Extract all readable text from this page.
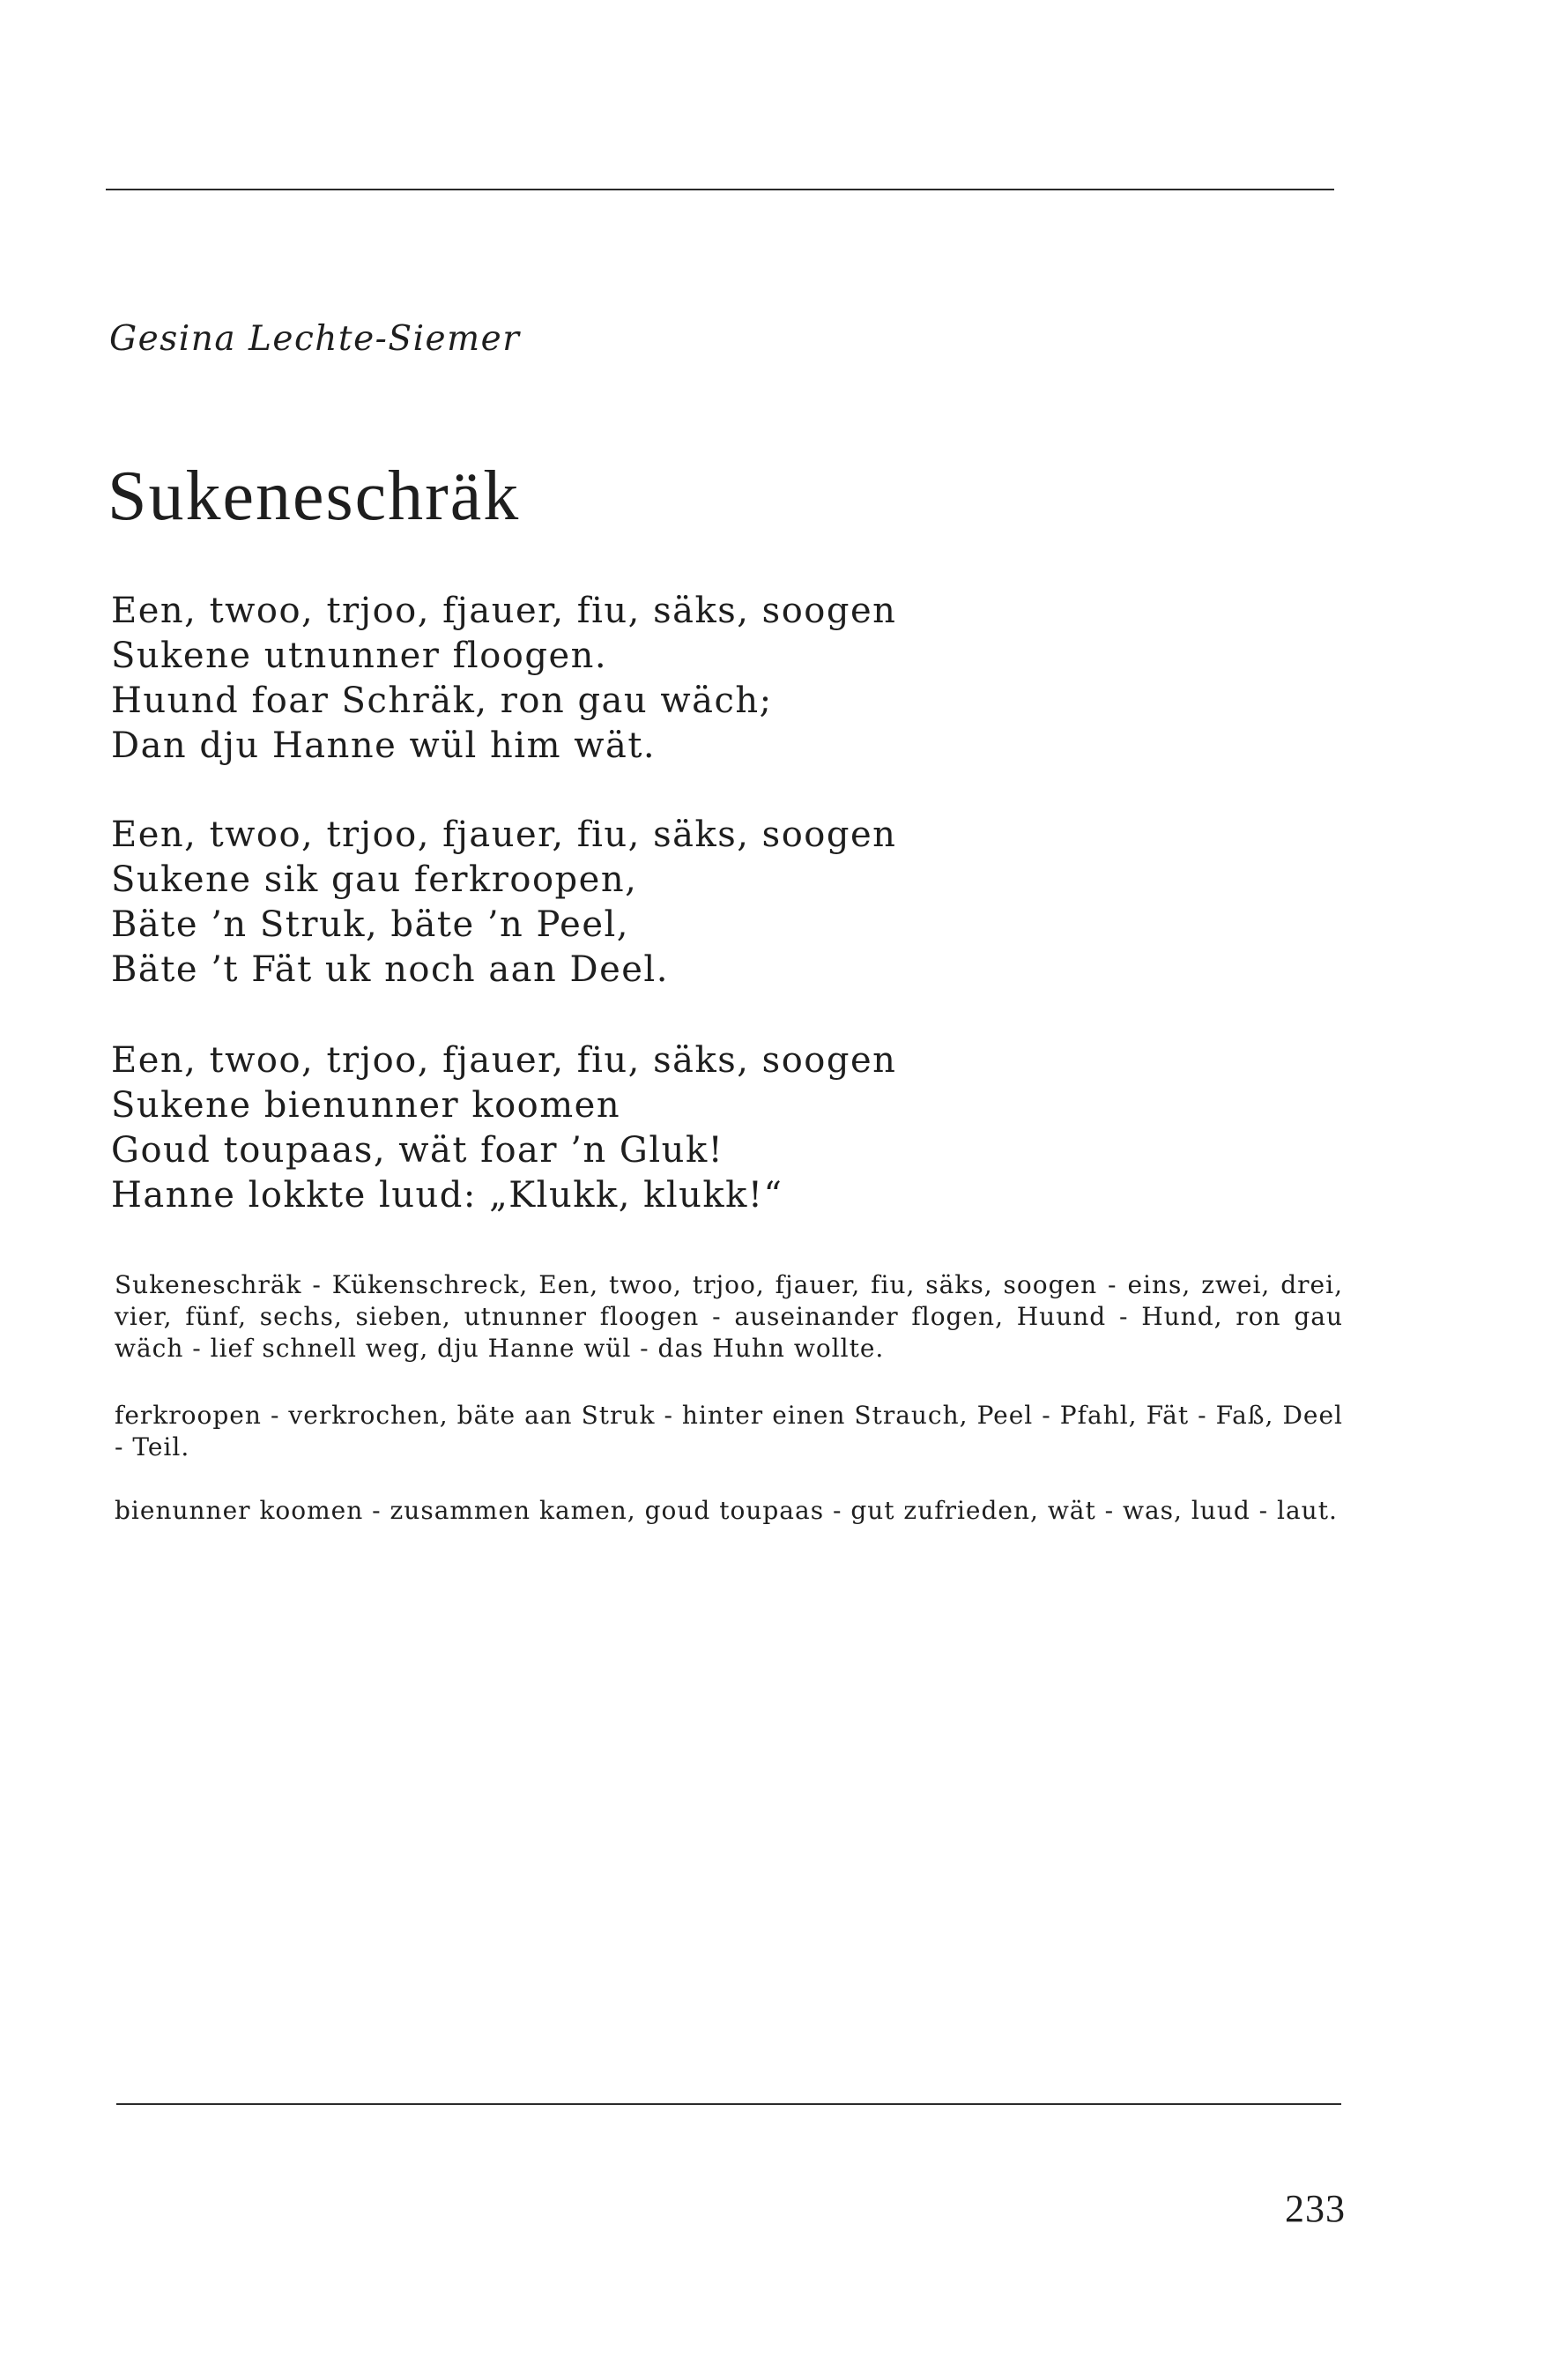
Gesina Lechte-Siemer
Sukeneschräk
Een, twoo, trjoo, fjauer, fiu, säks, soogen
Sukene utnunner floogen.
Huund foar Schräk, ron gau wäch;
Dan dju Hanne wül him wät.
Een, twoo, trjoo, fjauer, fiu, säks, soogen
Sukene sik gau ferkroopen,
Bäte ’n Struk, bäte ’n Peel,
Bäte ’t Fät uk noch aan Deel.
Een, twoo, trjoo, fjauer, fiu, säks, soogen
Sukene bienunner koomen
Goud toupaas, wät foar ’n Gluk!
Hanne lokkte luud: „Klukk, klukk!“

Sukeneschräk - Kükenschreck, Een, twoo, trjoo, fjauer, fiu, säks, soogen - eins, zwei, drei, vier, fünf, sechs, sieben, utnunner floogen - auseinander flogen, Huund - Hund, ron gau wäch - lief schnell weg, dju Hanne wül - das Huhn wollte.

ferkroopen - verkrochen, bäte aan Struk - hinter einen Strauch, Peel - Pfahl, Fät - Faß, Deel - Teil.

bienunner koomen - zusammen kamen, goud toupaas - gut zufrieden, wät - was, luud - laut.

233
